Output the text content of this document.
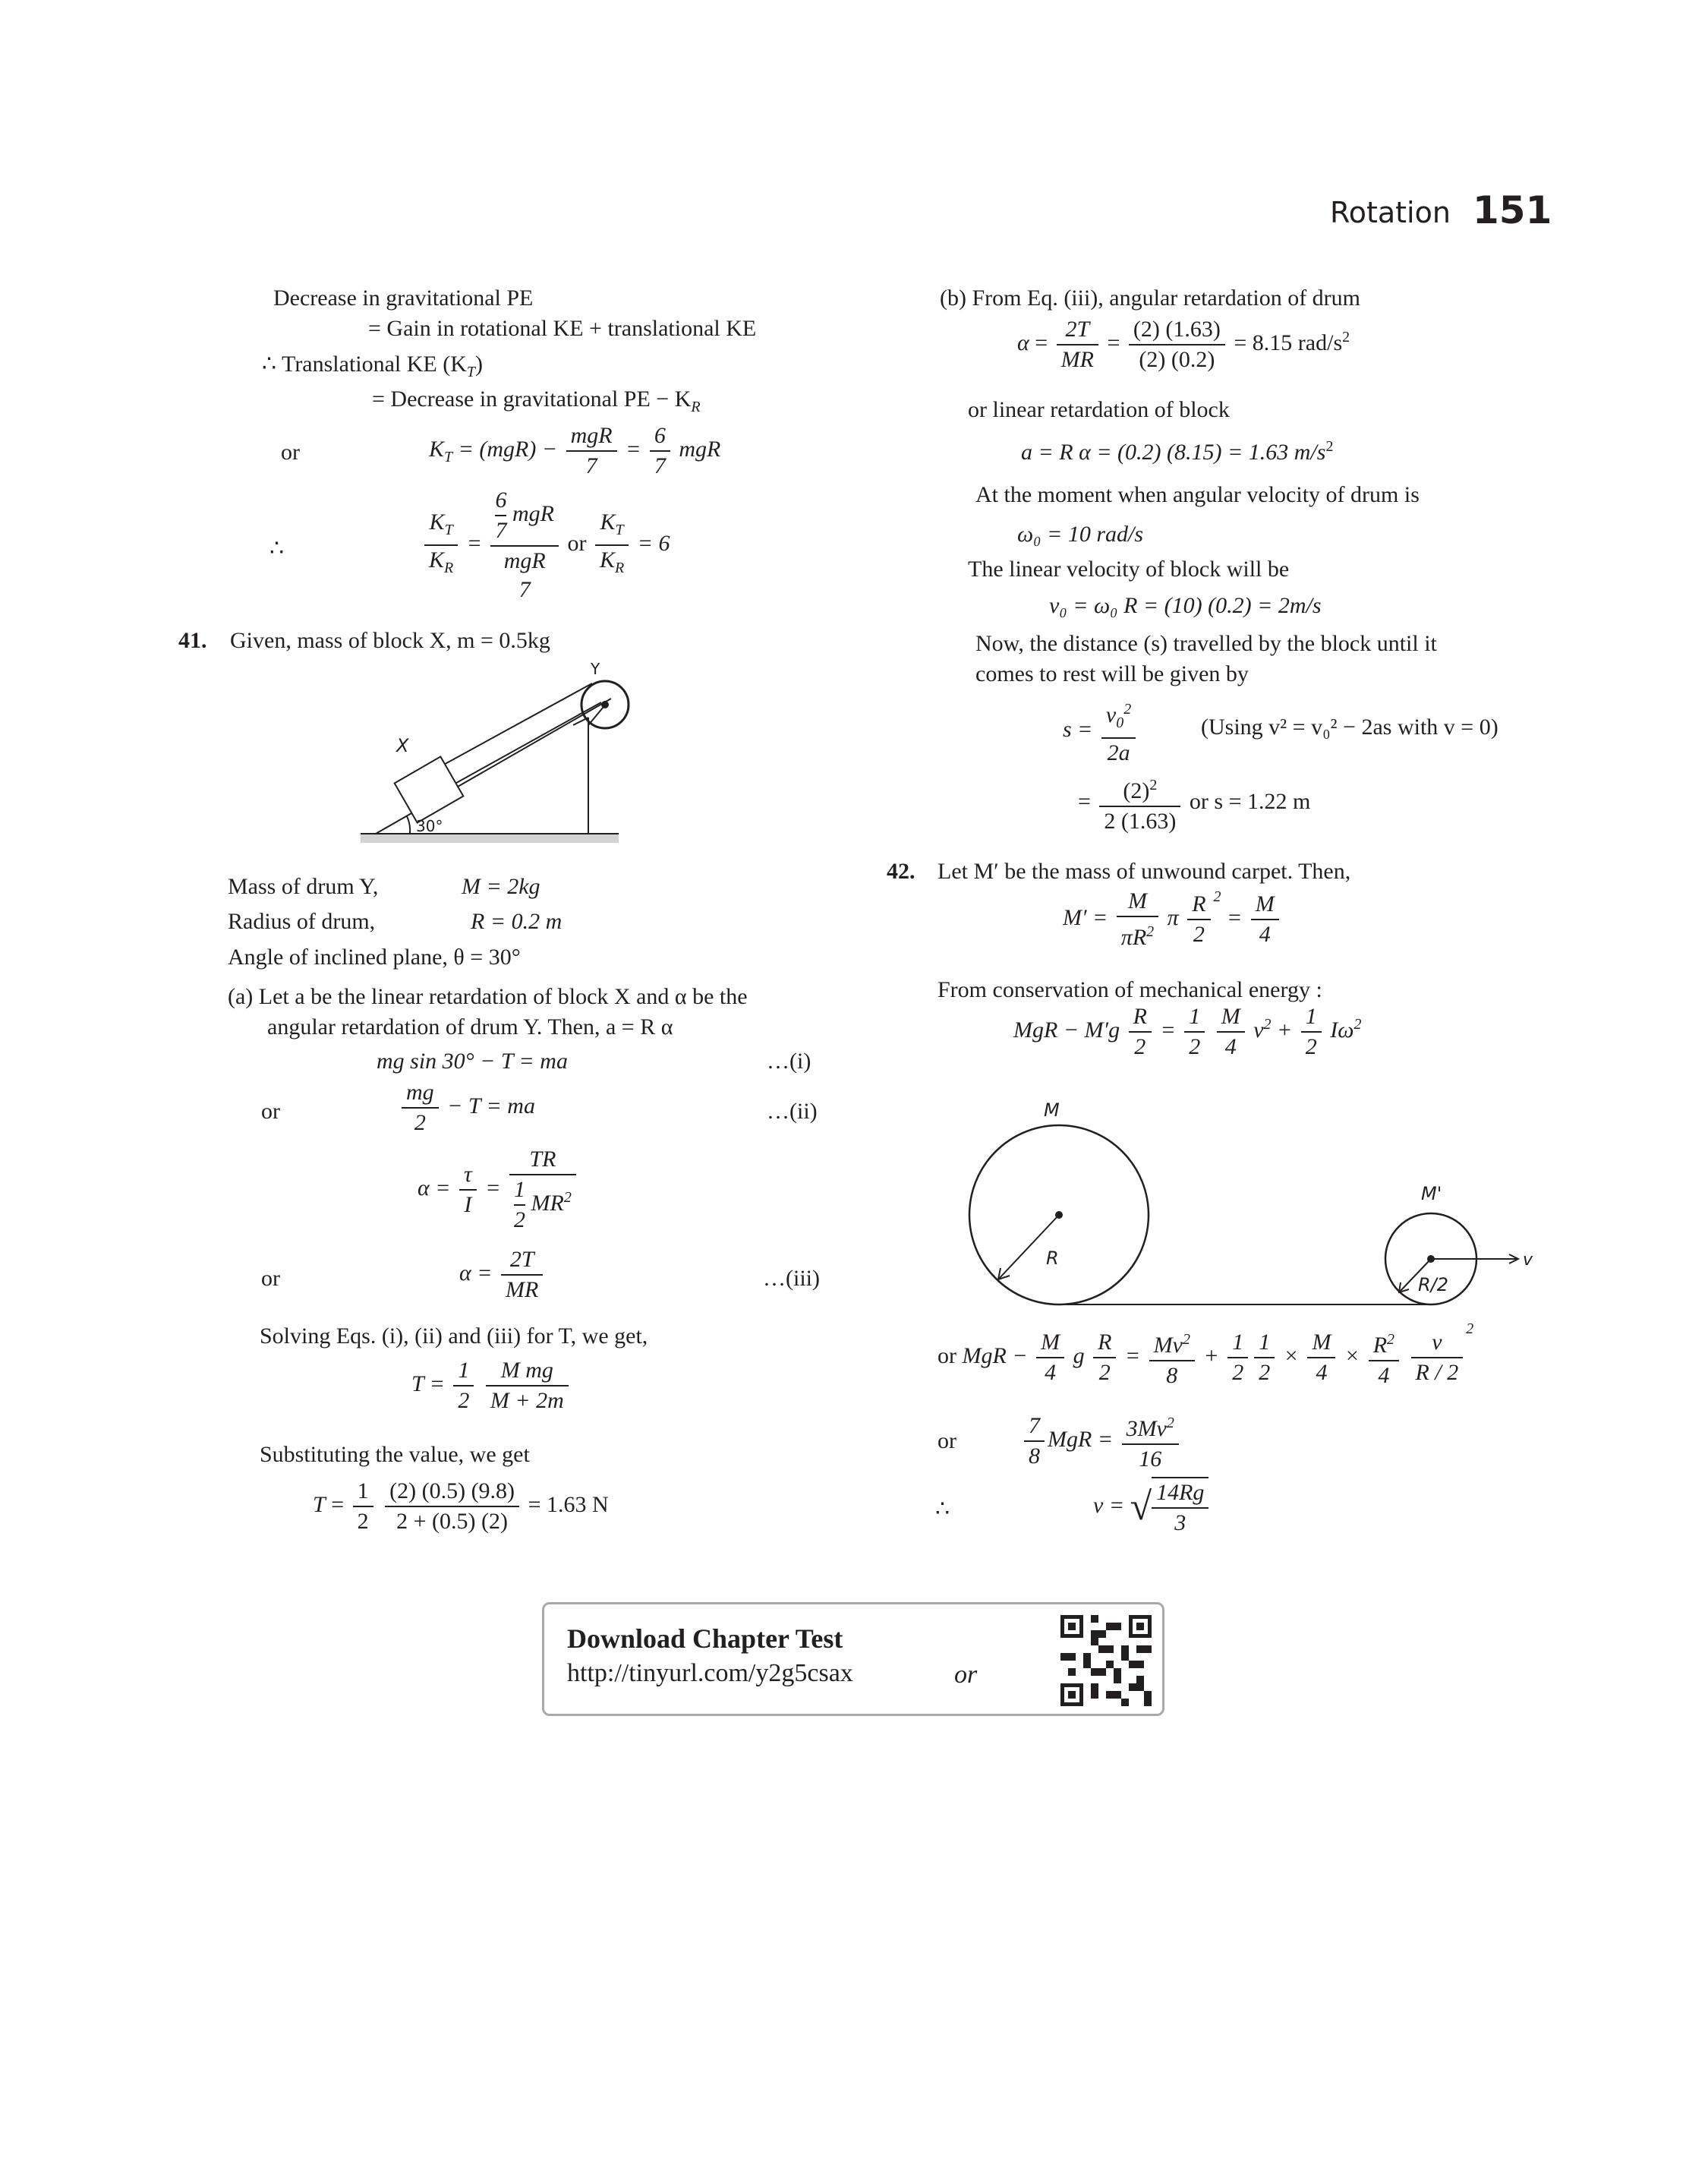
Rotation 151
Decrease in gravitational PE
= Gain in rotational KE + translational KE
∴ Translational KE $(K_T)$
= Decrease in gravitational PE − $K_R$
or	$K_T = (mgR) - \frac{\text{mgR}}{7} = \frac{6}{7}$ mgR
∴	$\frac{K_T}{K_R} = \frac{6}{7}$ mgR
mgR
7
or $\frac{K_T}{K_R} = 6$
41. Given, mass of block X, m = 0.5kg
X
Y
30°
Mass of drum Y,	M = 2kg
Radius of drum,	R = 0.2 m
Angle of inclined plane, θ = 30°
(a) Let a be the linear retardation of block X and α be the
angular retardation of drum Y. Then, a = R α
mg sin 30° − T = ma	…(i)
or	$\frac{mg}{2} - T$ = ma	…(ii)
$\alpha = \frac{\tau}{I} = \frac{TR}{\frac{1}{2} MR^2}$
or	$\alpha = \frac{2T}{MR}$	…(iii)
Solving Eqs. (i), (ii) and (iii) for T, we get,
$T = \frac{1}{2}$
$\frac{\text{M mg}}{M + 2m}$
Substituting the value, we get
$T = \frac{1}{2}$
$\frac{(2) (0.5) (9.8)}{2 + (0.5) (2)} = 1.63$ N
(b) From Eq. (iii), angular retardation of drum
$\alpha = \frac{2T}{MR} = \frac{(2) (1.63)}{(2) (0.2)} = 8.15$ rad/$s^2$
or linear retardation of block
a = R α = (0.2) (8.15) = 1.63 $m/s^2$
At the moment when angular velocity of drum is
ω₀ = 10 rad/s
The linear velocity of block will be
v₀ = ω₀ R = (10) (0.2) = 2m/s
Now, the distance (s) travelled by the block until it
comes to rest will be given by
$s = \frac{v_0^2}{2a}$	(Using v² = v₀² − 2as with v = 0)
= $\frac{(2)^2}{2 (1.63)}$ or s = 1.22 m
42. Let M′ be the mass of unwound carpet. Then,
$M' = \frac{M}{\pi R^2}$ π $\frac{R}{2} ^2 = \frac{M}{4}$
From conservation of mechanical energy :
MgR − $M'g \frac{R}{2} = \frac{1}{2}$
$\frac{M}{4} v^2 + \frac{1}{2} I\omega^2$
M
R
M'
R/2
v
or MgR − $\frac{M}{4}$ g $\frac{R}{2} = \frac{Mv^2}{8} + \frac{1}{2} \frac{1}{2} \times \frac{M}{4} \times \frac{R^2}{4}$
$\frac{v}{R / 2} ^2$
or	$\frac{7}{8}$ MgR = $\frac{3Mv^2}{16}$
∴	v = √ $\frac{14Rg}{3}$
Download Chapter Test
http://tinyurl.com/y2g5csax	or
